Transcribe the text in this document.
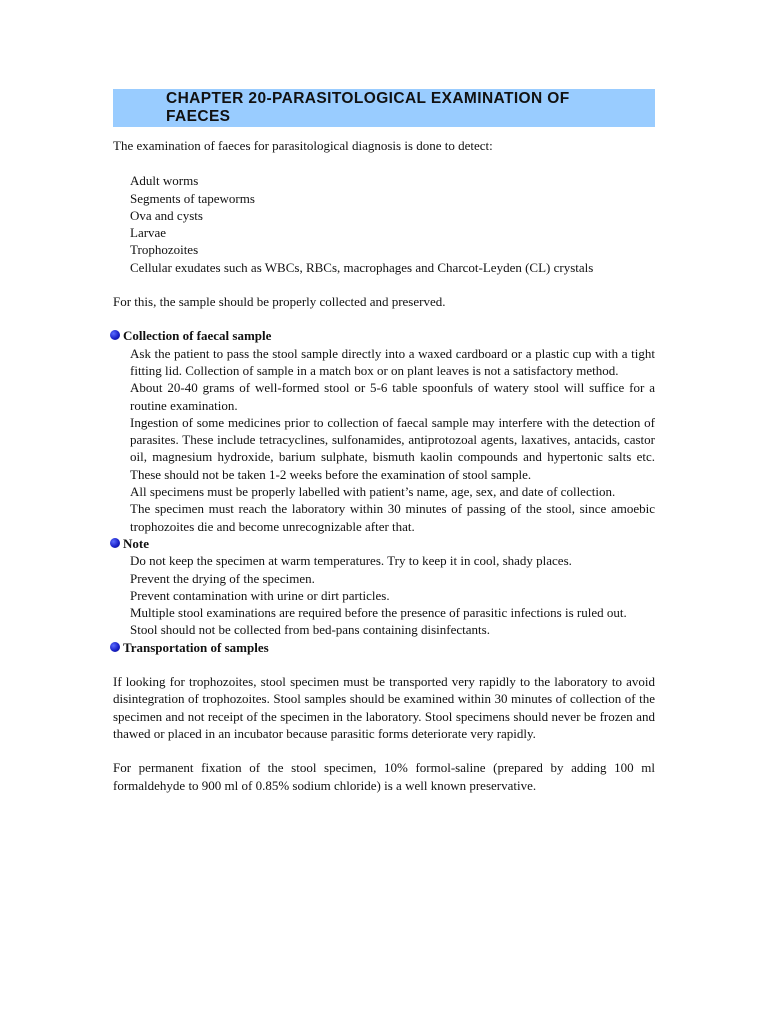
CHAPTER 20-PARASITOLOGICAL EXAMINATION OF
FAECES

The examination of faeces for parasitological diagnosis is done to detect:

Adult worms
Segments of tapeworms
Ova and cysts
Larvae
Trophozoites
Cellular exudates such as WBCs, RBCs, macrophages and Charcot-Leyden (CL) crystals

For this, the sample should be properly collected and preserved.

Collection of faecal sample
Ask the patient to pass the stool sample directly into a waxed cardboard or a plastic cup with a tight fitting lid. Collection of sample in a match box or on plant leaves is not a satisfactory method.
About 20-40 grams of well-formed stool or 5-6 table spoonfuls of watery stool will suffice for a routine examination.
Ingestion of some medicines prior to collection of faecal sample may interfere with the detection of parasites. These include tetracyclines, sulfonamides, antiprotozoal agents, laxatives, antacids, castor oil, magnesium hydroxide, barium sulphate, bismuth kaolin compounds and hypertonic salts etc. These should not be taken 1-2 weeks before the examination of stool sample.
All specimens must be properly labelled with patient’s name, age, sex, and date of collection.
The specimen must reach the laboratory within 30 minutes of passing of the stool, since amoebic trophozoites die and become unrecognizable after that.
Note
Do not keep the specimen at warm temperatures. Try to keep it in cool, shady places.
Prevent the drying of the specimen.
Prevent contamination with urine or dirt particles.
Multiple stool examinations are required before the presence of parasitic infections is ruled out.
Stool should not be collected from bed-pans containing disinfectants.
Transportation of samples

If looking for trophozoites, stool specimen must be transported very rapidly to the laboratory to avoid disintegration of trophozoites. Stool samples should be examined within 30 minutes of collection of the specimen and not receipt of the specimen in the laboratory. Stool specimens should never be frozen and thawed or placed in an incubator because parasitic forms deteriorate very rapidly.

For permanent fixation of the stool specimen, 10% formol-saline (prepared by adding 100 ml formaldehyde to 900 ml of 0.85% sodium chloride) is a well known preservative.
